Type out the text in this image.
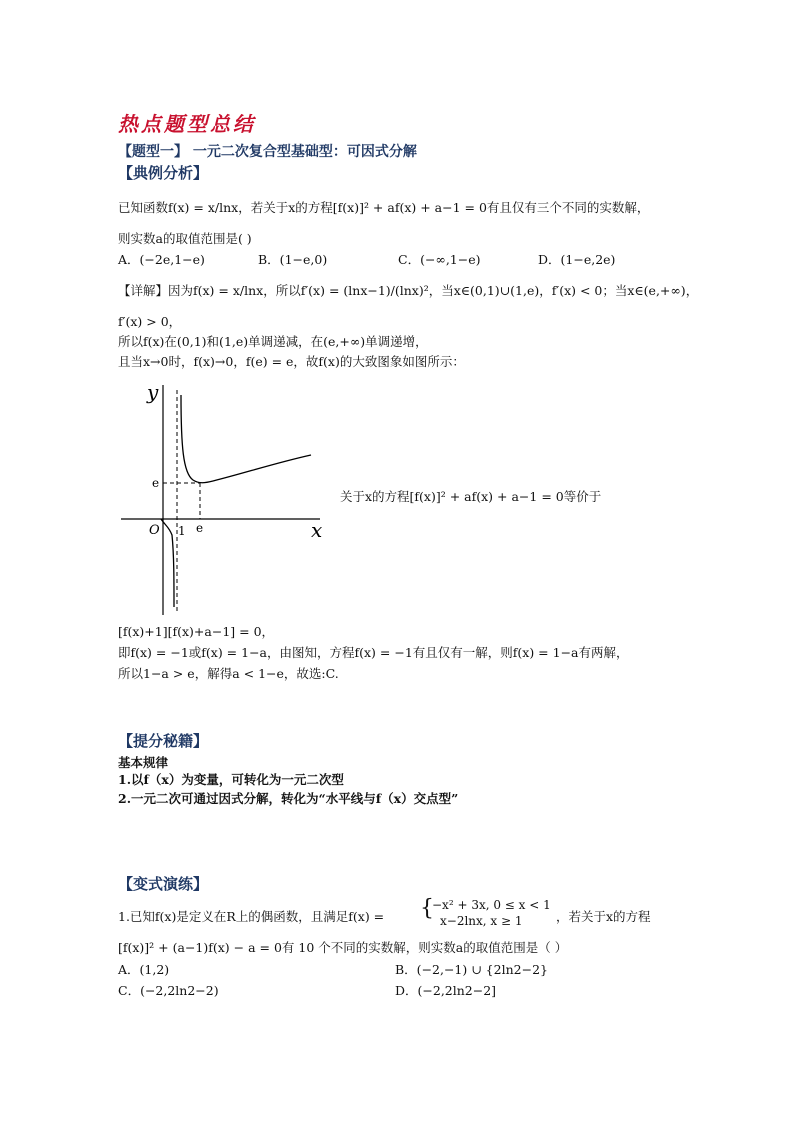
热点题型总结
【题型一】 一元二次复合型基础型：可因式分解
【典例分析】
已知函数f(x) = x/lnx，若关于x的方程[f(x)]² + af(x) + a−1 = 0有且仅有三个不同的实数解，
则实数a的取值范围是( )
A．(−2e,1−e)	B．(1−e,0)	C．(−∞,1−e)	D．(1−e,2e)
【详解】因为f(x) = x/lnx，所以f′(x) = (lnx−1)/(lnx)²，当x∈(0,1)∪(1,e)，f′(x) < 0；当x∈(e,+∞)，
f′(x) > 0，
所以f(x)在(0,1)和(1,e)单调递减，在(e,+∞)单调递增，
且当x→0时，f(x)→0，f(e) = e，故f(x)的大致图象如图所示：
y
x
O 1 e
e
关于x的方程[f(x)]² + af(x) + a−1 = 0等价于
[f(x)+1][f(x)+a−1] = 0，
即f(x) = −1或f(x) = 1−a，由图知，方程f(x) = −1有且仅有一解，则f(x) = 1−a有两解，
所以1−a > e，解得a < 1−e，故选:C.
【提分秘籍】
基本规律
1.以f（x）为变量，可转化为一元二次型
2.一元二次可通过因式分解，转化为“水平线与f（x）交点型”
【变式演练】
1.已知f(x)是定义在R上的偶函数，且满足f(x) = {
−x² + 3x, 0 ≤ x < 1
x−2lnx, x ≥ 1	，若关于x的方程
[f(x)]² + (a−1)f(x) − a = 0有 10 个不同的实数解，则实数a的取值范围是（ ）
A．(1,2)	B．(−2,−1) ∪ {2ln2−2}
C．(−2,2ln2−2)	D．(−2,2ln2−2]
